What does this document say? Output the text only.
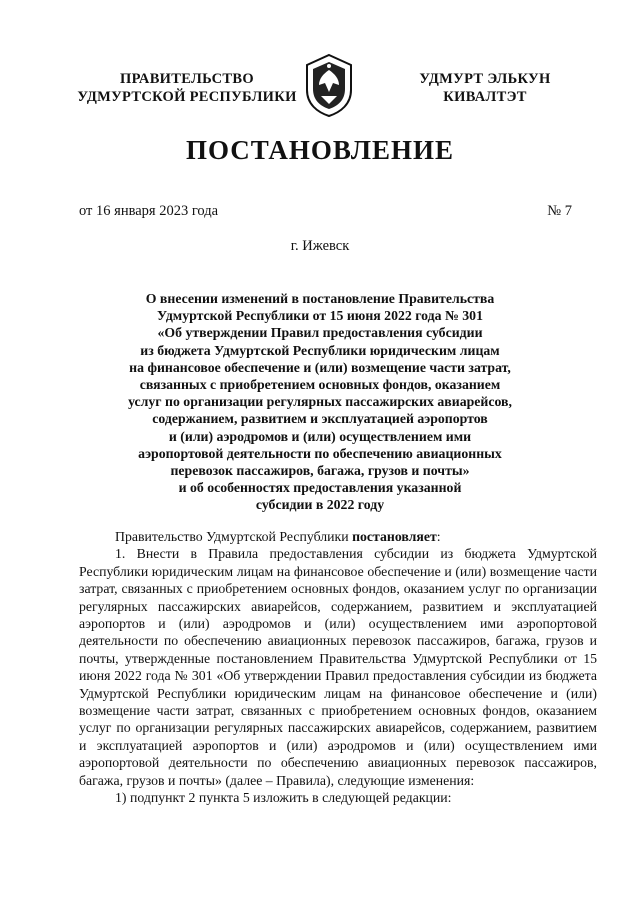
ПРАВИТЕЛЬСТВО
УДМУРТСКОЙ РЕСПУБЛИКИ
УДМУРТ ЭЛЬКУН
КИВАЛТЭТ
ПОСТАНОВЛЕНИЕ
от 16 января 2023 года	№ 7
г. Ижевск
О внесении изменений в постановление Правительства
Удмуртской Республики от 15 июня 2022 года № 301
«Об утверждении Правил предоставления субсидии
из бюджета Удмуртской Республики юридическим лицам
на финансовое обеспечение и (или) возмещение части затрат,
связанных с приобретением основных фондов, оказанием
услуг по организации регулярных пассажирских авиарейсов,
содержанием, развитием и эксплуатацией аэропортов
и (или) аэродромов и (или) осуществлением ими
аэропортовой деятельности по обеспечению авиационных
перевозок пассажиров, багажа, грузов и почты»
и об особенностях предоставления указанной
субсидии в 2022 году

Правительство Удмуртской Республики постановляет:

1. Внести в Правила предоставления субсидии из бюджета Удмуртской Республики юридическим лицам на финансовое обеспечение и (или) возмещение части затрат, связанных с приобретением основных фондов, оказанием услуг по организации регулярных пассажирских авиарейсов, содержанием, развитием и эксплуатацией аэропортов и (или) аэродромов и (или) осуществлением ими аэропортовой деятельности по обеспечению авиационных перевозок пассажиров, багажа, грузов и почты, утвержденные постановлением Правительства Удмуртской Республики от 15 июня 2022 года № 301 «Об утверждении Правил предоставления субсидии из бюджета Удмуртской Республики юридическим лицам на финансовое обеспечение и (или) возмещение части затрат, связанных с приобретением основных фондов, оказанием услуг по организации регулярных пассажирских авиарейсов, содержанием, развитием и эксплуатацией аэропортов и (или) аэродромов и (или) осуществлением ими аэропортовой деятельности по обеспечению авиационных перевозок пассажиров, багажа, грузов и почты» (далее – Правила), следующие изменения:

1) подпункт 2 пункта 5 изложить в следующей редакции:
